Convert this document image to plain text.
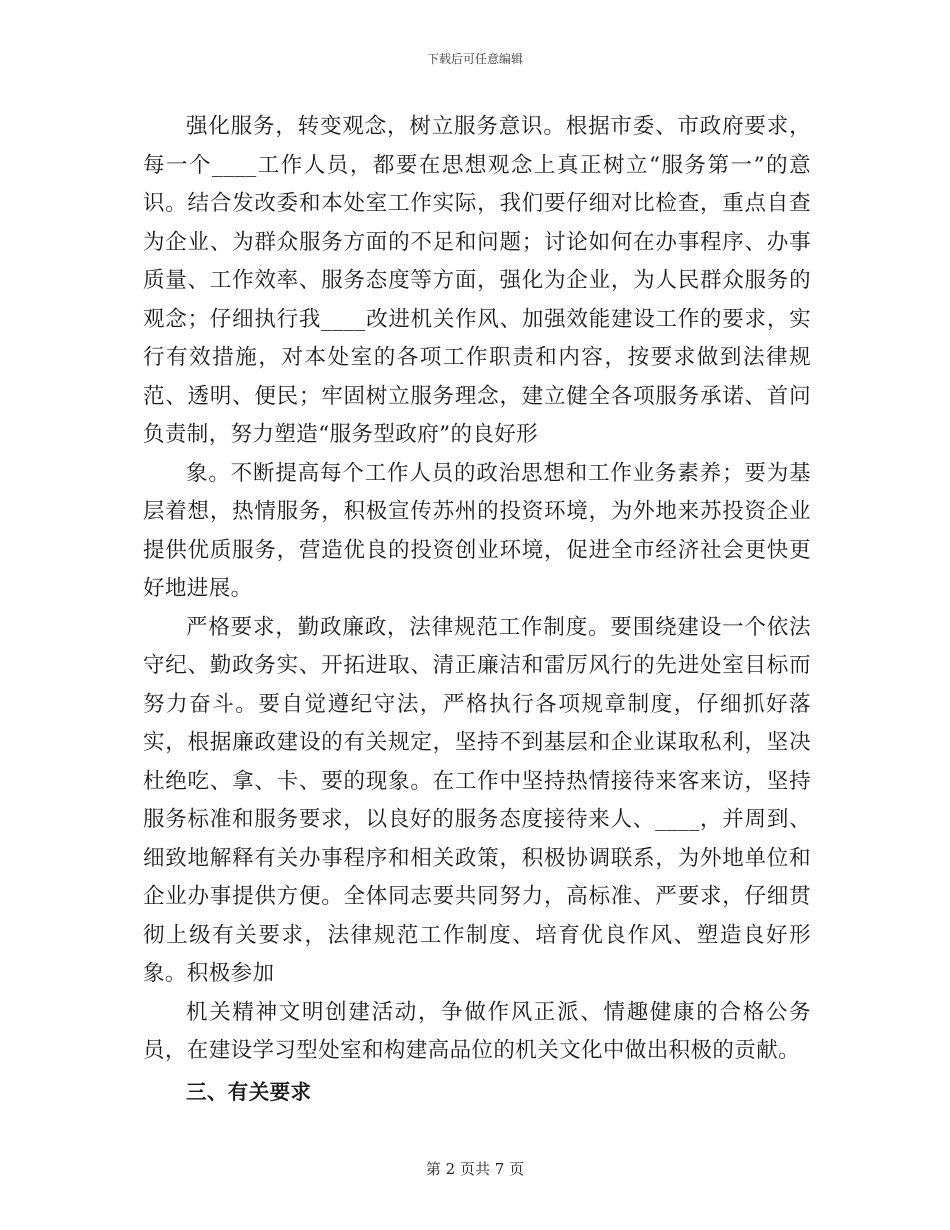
下载后可任意编辑

强化服务，转变观念，树立服务意识。根据市委、市政府要求，每一个____工作人员，都要在思想观念上真正树立“服务第一”的意识。结合发改委和本处室工作实际，我们要仔细对比检查，重点自查为企业、为群众服务方面的不足和问题；讨论如何在办事程序、办事质量、工作效率、服务态度等方面，强化为企业，为人民群众服务的观念；仔细执行我____改进机关作风、加强效能建设工作的要求，实行有效措施，对本处室的各项工作职责和内容，按要求做到法律规范、透明、便民；牢固树立服务理念，建立健全各项服务承诺、首问负责制，努力塑造“服务型政府”的良好形

象。不断提高每个工作人员的政治思想和工作业务素养；要为基层着想，热情服务，积极宣传苏州的投资环境，为外地来苏投资企业提供优质服务，营造优良的投资创业环境，促进全市经济社会更快更好地进展。

严格要求，勤政廉政，法律规范工作制度。要围绕建设一个依法守纪、勤政务实、开拓进取、清正廉洁和雷厉风行的先进处室目标而努力奋斗。要自觉遵纪守法，严格执行各项规章制度，仔细抓好落实，根据廉政建设的有关规定，坚持不到基层和企业谋取私利，坚决杜绝吃、拿、卡、要的现象。在工作中坚持热情接待来客来访，坚持服务标准和服务要求，以良好的服务态度接待来人、____，并周到、细致地解释有关办事程序和相关政策，积极协调联系，为外地单位和企业办事提供方便。全体同志要共同努力，高标准、严要求，仔细贯彻上级有关要求，法律规范工作制度、培育优良作风、塑造良好形象。积极参加

机关精神文明创建活动，争做作风正派、情趣健康的合格公务员，在建设学习型处室和构建高品位的机关文化中做出积极的贡献。

三、有关要求

第 2 页共 7 页
